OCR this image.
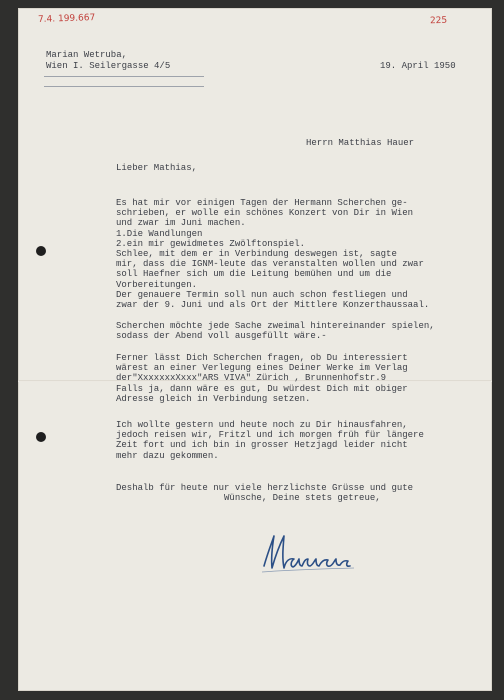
7.4. 199.667	225

Marian Wetruba,

Wien I. Seilergasse 4/5	19. April 1950

Herrn Matthias Hauer

Lieber Mathias,

Es hat mir vor einigen Tagen der Hermann Scherchen ge-
schrieben, er wolle ein schönes Konzert von Dir in Wien
und zwar im Juni machen.
1.Die Wandlungen
2.ein mir gewidmetes Zwölftonspiel.
Schlee, mit dem er in Verbindung deswegen ist, sagte
mir, dass die IGNM-leute das veranstalten wollen und zwar
soll Haefner sich um die Leitung bemühen und um die
Vorbereitungen.
Der genauere Termin soll nun auch schon festliegen und
zwar der 9. Juni und als Ort der Mittlere Konzerthaussaal.

Scherchen möchte jede Sache zweimal hintereinander spielen,
sodass der Abend voll ausgefüllt wäre.-

Ferner lässt Dich Scherchen fragen, ob Du interessiert
wärest an einer Verlegung eines Deiner Werke im Verlag
der"XxxxxxxXxxx"ARS VIVA" Zürich , Brunnenhofstr.9
Falls ja, dann wäre es gut, Du würdest Dich mit obiger
Adresse gleich in Verbindung setzen.

Ich wollte gestern und heute noch zu Dir hinausfahren,
jedoch reisen wir, Fritzl und ich morgen früh für längere
Zeit fort und ich bin in grosser Hetzjagd leider nicht
mehr dazu gekommen.

Deshalb für heute nur viele herzlichste Grüsse und gute
Wünsche, Deine stets getreue,
